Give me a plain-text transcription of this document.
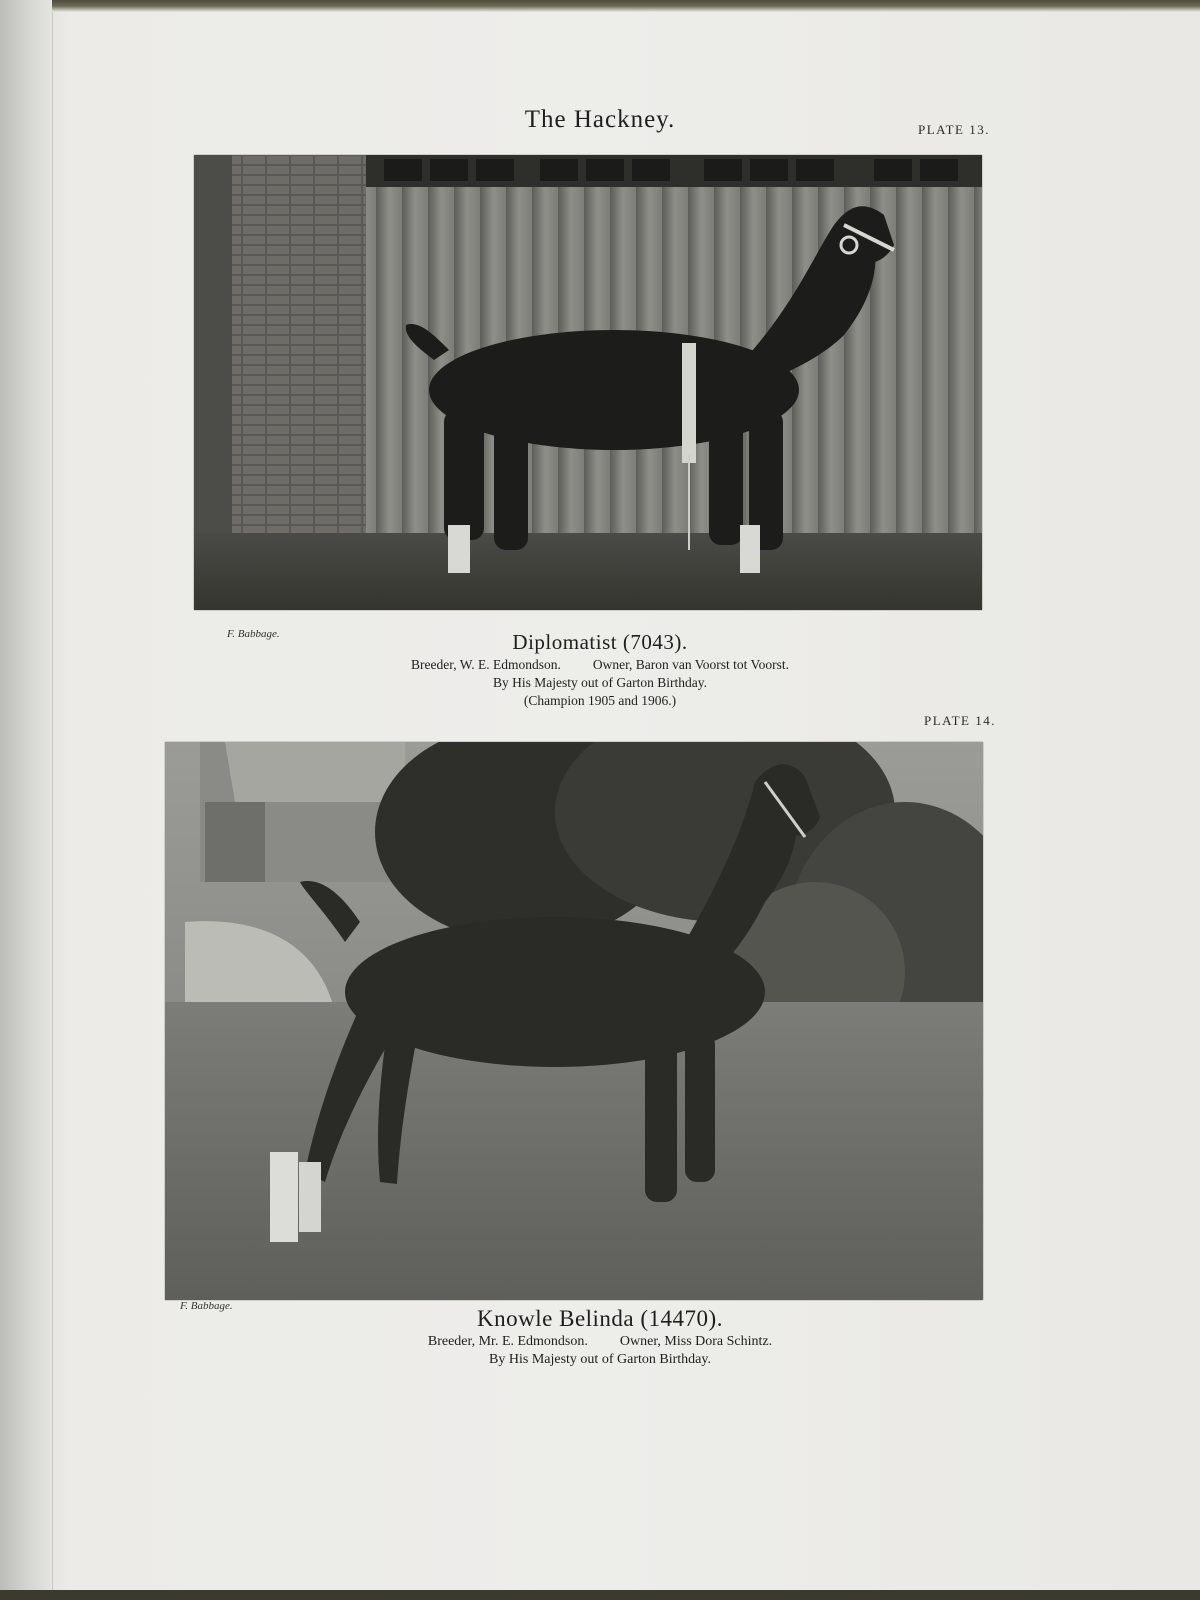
The Hackney.	PLATE 13.
F. Babbage.	Diplomatist (7043).
Breeder, W. E. Edmondson. Owner, Baron van Voorst tot Voorst.
By His Majesty out of Garton Birthday.
(Champion 1905 and 1906.)
PLATE 14.
F. Babbage.	Knowle Belinda (14470).
Breeder, Mr. E. Edmondson. Owner, Miss Dora Schintz.
By His Majesty out of Garton Birthday.
